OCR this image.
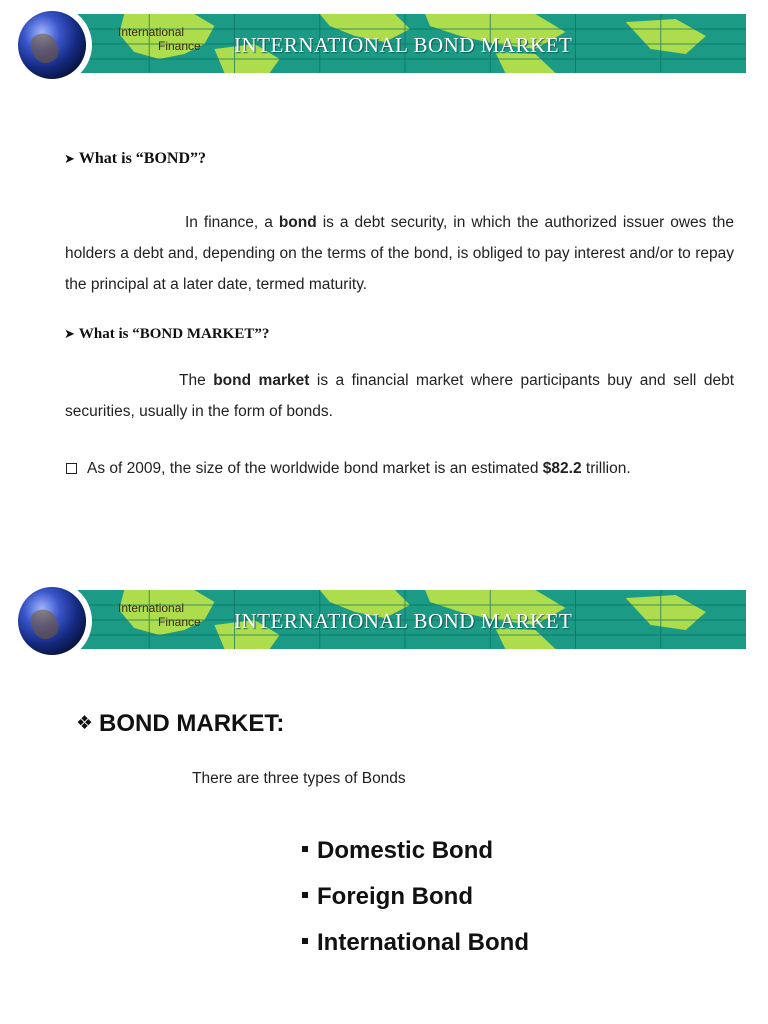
International
Finance INTERNATIONAL BOND MARKET
➤ What is “BOND”?
In finance, a bond is a debt security, in which the authorized issuer owes the holders a debt and, depending on the terms of the bond, is obliged to pay interest and/or to repay the principal at a later date, termed maturity.
➤ What is “BOND MARKET”?
The bond market is a financial market where participants buy and sell debt securities, usually in the form of bonds.
As of 2009, the size of the worldwide bond market is an estimated $82.2 trillion.
International
Finance INTERNATIONAL BOND MARKET
❖ BOND MARKET:
There are three types of Bonds
Domestic Bond
Foreign Bond
International Bond
